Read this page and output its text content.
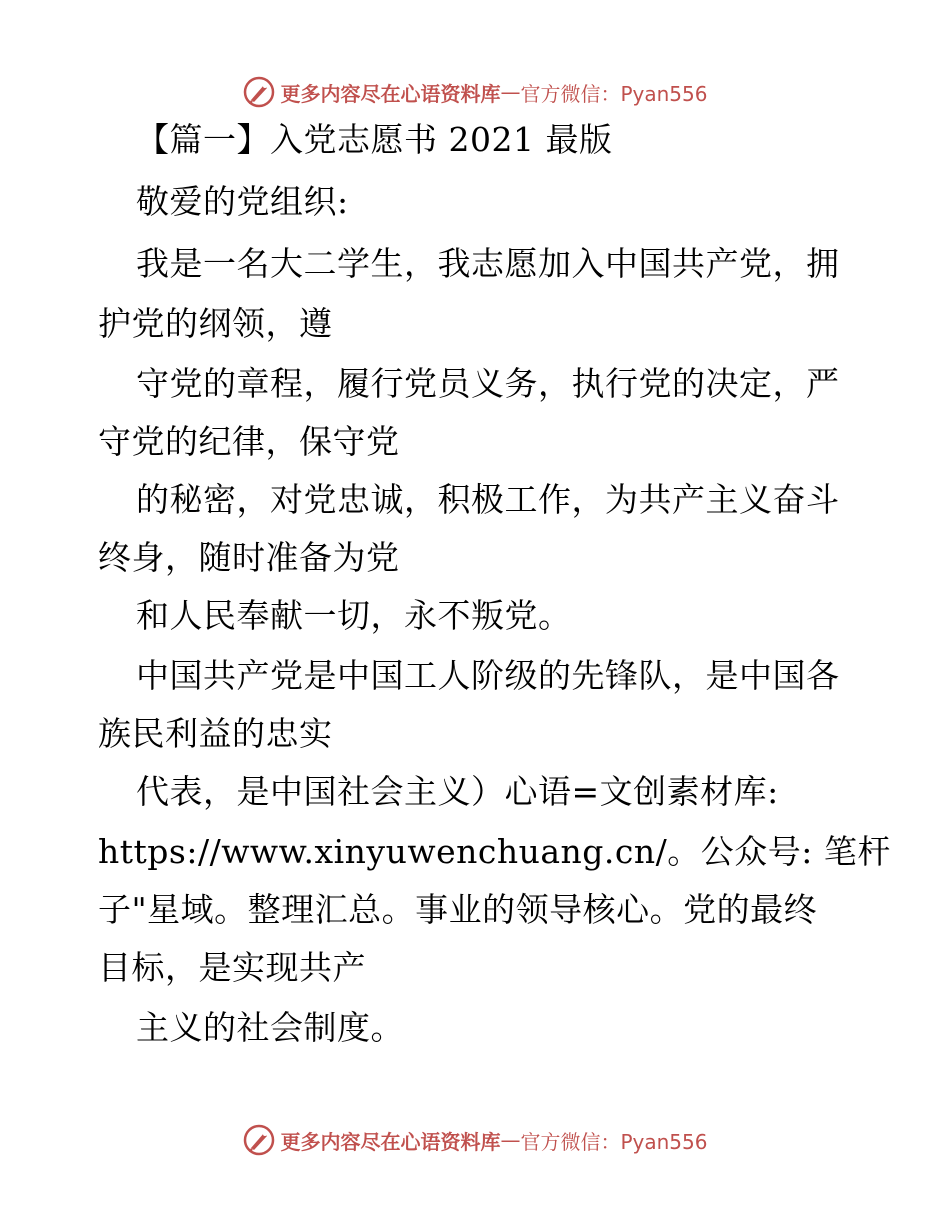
更多内容尽在心语资料库 — 官方微信：Pyan556
【篇一】入党志愿书 2021 最版
敬爱的党组织:
我是一名大二学生，我志愿加入中国共产党，拥
护党的纲领，遵
守党的章程，履行党员义务，执行党的决定，严
守党的纪律，保守党
的秘密，对党忠诚，积极工作，为共产主义奋斗
终身，随时准备为党
和人民奉献一切，永不叛党。
中国共产党是中国工人阶级的先锋队，是中国各
族民利益的忠实
代表，是中国社会主义）心语=文创素材库:
https://www.xinyuwenchuang.cn/。公众号: 笔杆
子"星域。整理汇总。事业的领导核心。党的最终
目标，是实现共产
主义的社会制度。
更多内容尽在心语资料库 — 官方微信：Pyan556
